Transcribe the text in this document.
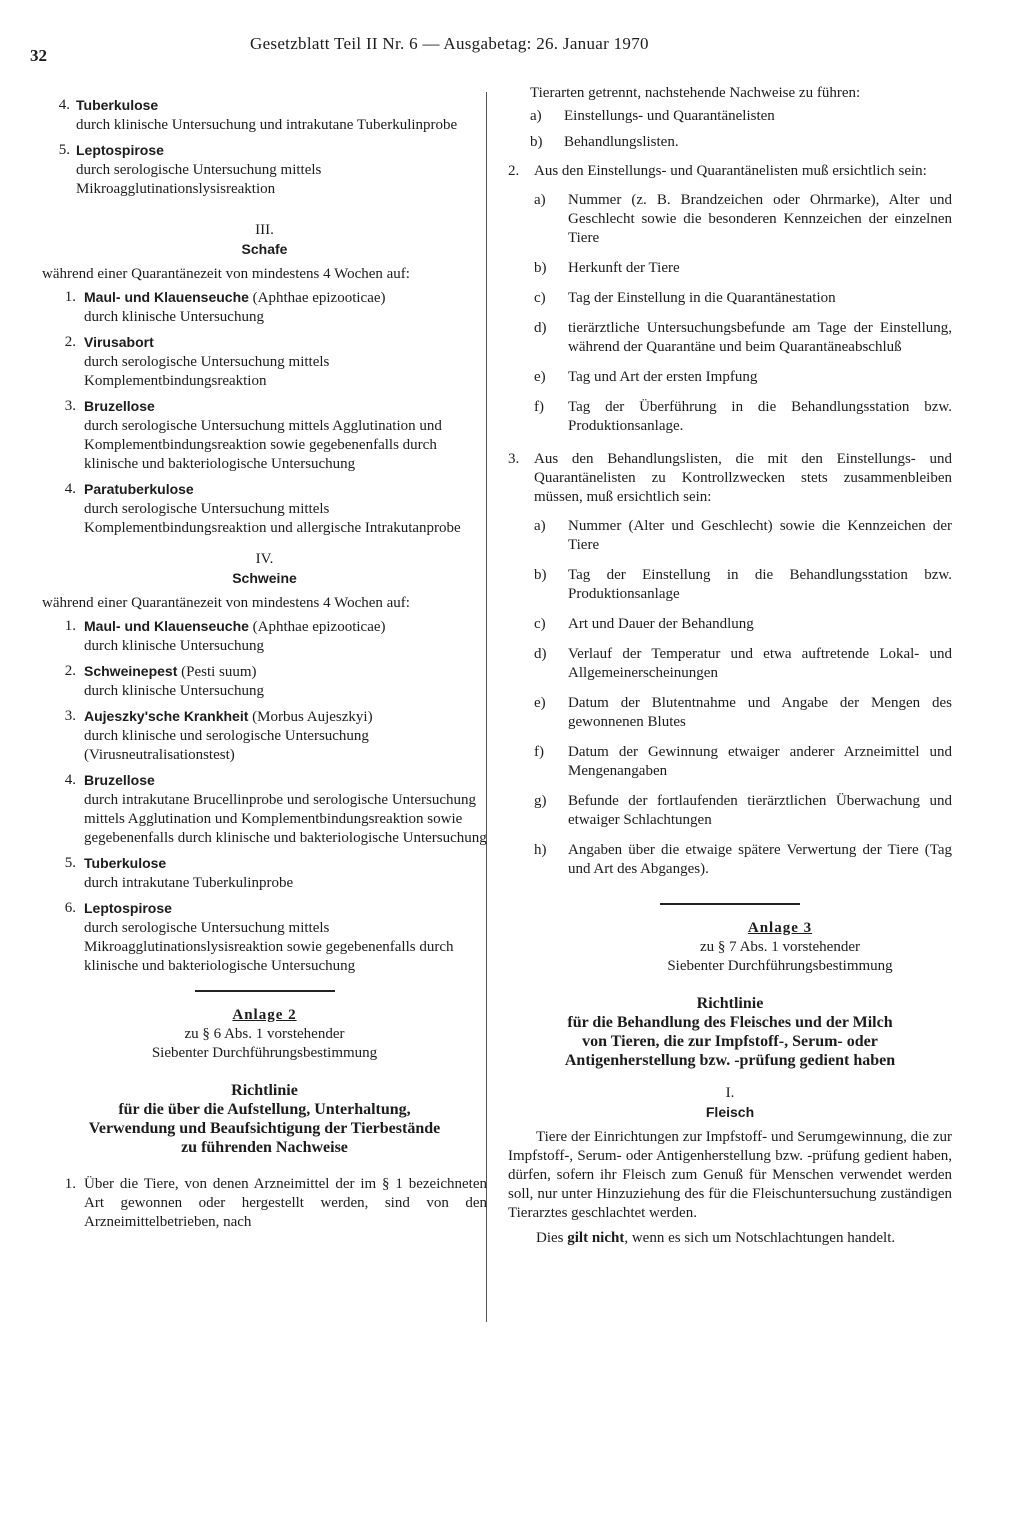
32
Gesetzblatt Teil II Nr. 6 — Ausgabetag: 26. Januar 1970
4. Tuberkulose
durch klinische Untersuchung und intrakutane Tuberkulinprobe
5. Leptospirose
durch serologische Untersuchung mittels Mikroagglutinationslysisreaktion
III.
Schafe

während einer Quarantänezeit von mindestens 4 Wochen auf:

1. Maul- und Klauenseuche (Aphthae epizooticae)
durch klinische Untersuchung
2. Virusabort
durch serologische Untersuchung mittels Komplementbindungsreaktion
3. Bruzellose
durch serologische Untersuchung mittels Agglutination und Komplementbindungsreaktion sowie gegebenenfalls durch klinische und bakteriologische Untersuchung
4. Paratuberkulose
durch serologische Untersuchung mittels Komplementbindungsreaktion und allergische Intrakutanprobe
IV.
Schweine

während einer Quarantänezeit von mindestens 4 Wochen auf:

1. Maul- und Klauenseuche (Aphthae epizooticae)
durch klinische Untersuchung
2. Schweinepest (Pesti suum)
durch klinische Untersuchung
3. Aujeszky'sche Krankheit (Morbus Aujeszkyi)
durch klinische und serologische Untersuchung (Virusneutralisationstest)
4. Bruzellose
durch intrakutane Brucellinprobe und serologische Untersuchung mittels Agglutination und Komplementbindungsreaktion sowie gegebenenfalls durch klinische und bakteriologische Untersuchung
5. Tuberkulose
durch intrakutane Tuberkulinprobe
6. Leptospirose
durch serologische Untersuchung mittels Mikroagglutinationslysisreaktion sowie gegebenenfalls durch klinische und bakteriologische Untersuchung
Anlage 2
zu § 6 Abs. 1 vorstehender
Siebenter Durchführungsbestimmung
Richtlinie
für die über die Aufstellung, Unterhaltung,
Verwendung und Beaufsichtigung der Tierbestände
zu führenden Nachweise
1. Über die Tiere, von denen Arzneimittel der im § 1 bezeichneten Art gewonnen oder hergestellt werden, sind von den Arzneimittelbetrieben, nach

Tierarten getrennt, nachstehende Nachweise zu führen:

a)	Einstellungs- und Quarantänelisten
b)	Behandlungslisten.
2. Aus den Einstellungs- und Quarantänelisten muß ersichtlich sein:
a)	Nummer (z. B. Brandzeichen oder Ohrmarke), Alter und Geschlecht sowie die besonderen Kennzeichen der einzelnen Tiere
b)	Herkunft der Tiere
c)	Tag der Einstellung in die Quarantänestation
d)	tierärztliche Untersuchungsbefunde am Tage der Einstellung, während der Quarantäne und beim Quarantäneabschluß
e)	Tag und Art der ersten Impfung
f)	Tag der Überführung in die Behandlungsstation bzw. Produktionsanlage.
3. Aus den Behandlungslisten, die mit den Einstellungs- und Quarantänelisten zu Kontrollzwecken stets zusammenbleiben müssen, muß ersichtlich sein:
a)	Nummer (Alter und Geschlecht) sowie die Kennzeichen der Tiere
b)	Tag der Einstellung in die Behandlungsstation bzw. Produktionsanlage
c)	Art und Dauer der Behandlung
d)	Verlauf der Temperatur und etwa auftretende Lokal- und Allgemeinerscheinungen
e)	Datum der Blutentnahme und Angabe der Mengen des gewonnenen Blutes
f)	Datum der Gewinnung etwaiger anderer Arzneimittel und Mengenangaben
g)	Befunde der fortlaufenden tierärztlichen Überwachung und etwaiger Schlachtungen
h)	Angaben über die etwaige spätere Verwertung der Tiere (Tag und Art des Abganges).
Anlage 3
zu § 7 Abs. 1 vorstehender
Siebenter Durchführungsbestimmung
Richtlinie
für die Behandlung des Fleisches und der Milch
von Tieren, die zur Impfstoff-, Serum- oder
Antigenherstellung bzw. -prüfung gedient haben
I.
Fleisch

Tiere der Einrichtungen zur Impfstoff- und Serumgewinnung, die zur Impfstoff-, Serum- oder Antigenherstellung bzw. -prüfung gedient haben, dürfen, sofern ihr Fleisch zum Genuß für Menschen verwendet werden soll, nur unter Hinzuziehung des für die Fleischuntersuchung zuständigen Tierarztes geschlachtet werden.

Dies gilt nicht, wenn es sich um Notschlachtungen handelt.
